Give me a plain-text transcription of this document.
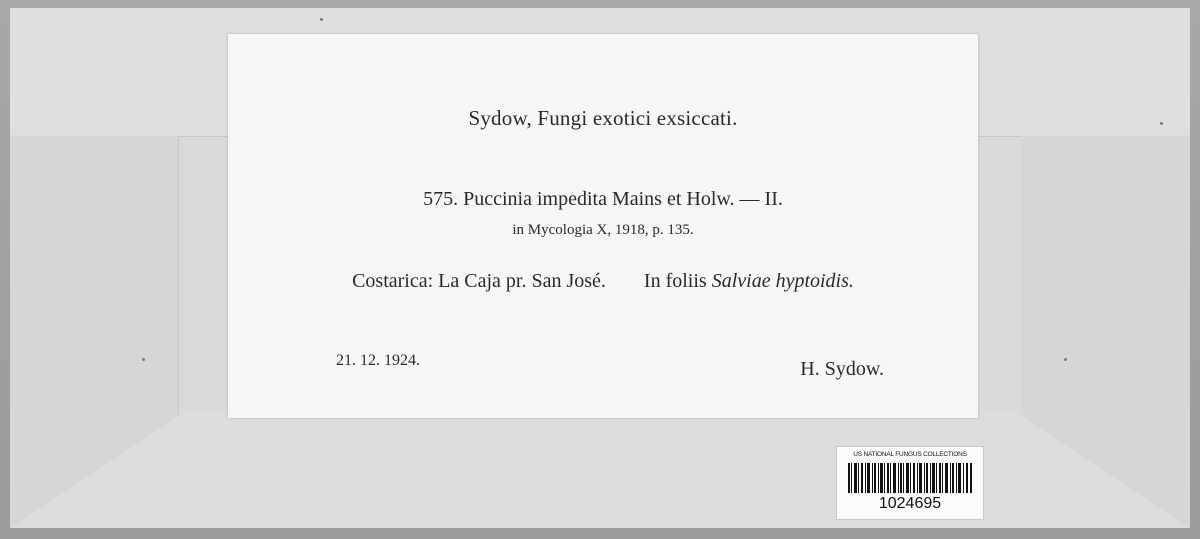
Sydow, Fungi exotici exsiccati.
575. Puccinia impedita Mains et Holw. — II.
in Mycologia X, 1918, p. 135.
Costarica: La Caja pr. San José. In foliis Salviae hyptoidis.
21. 12. 1924.	H. Sydow.
US NATIONAL FUNGUS COLLECTIONS
1024695
